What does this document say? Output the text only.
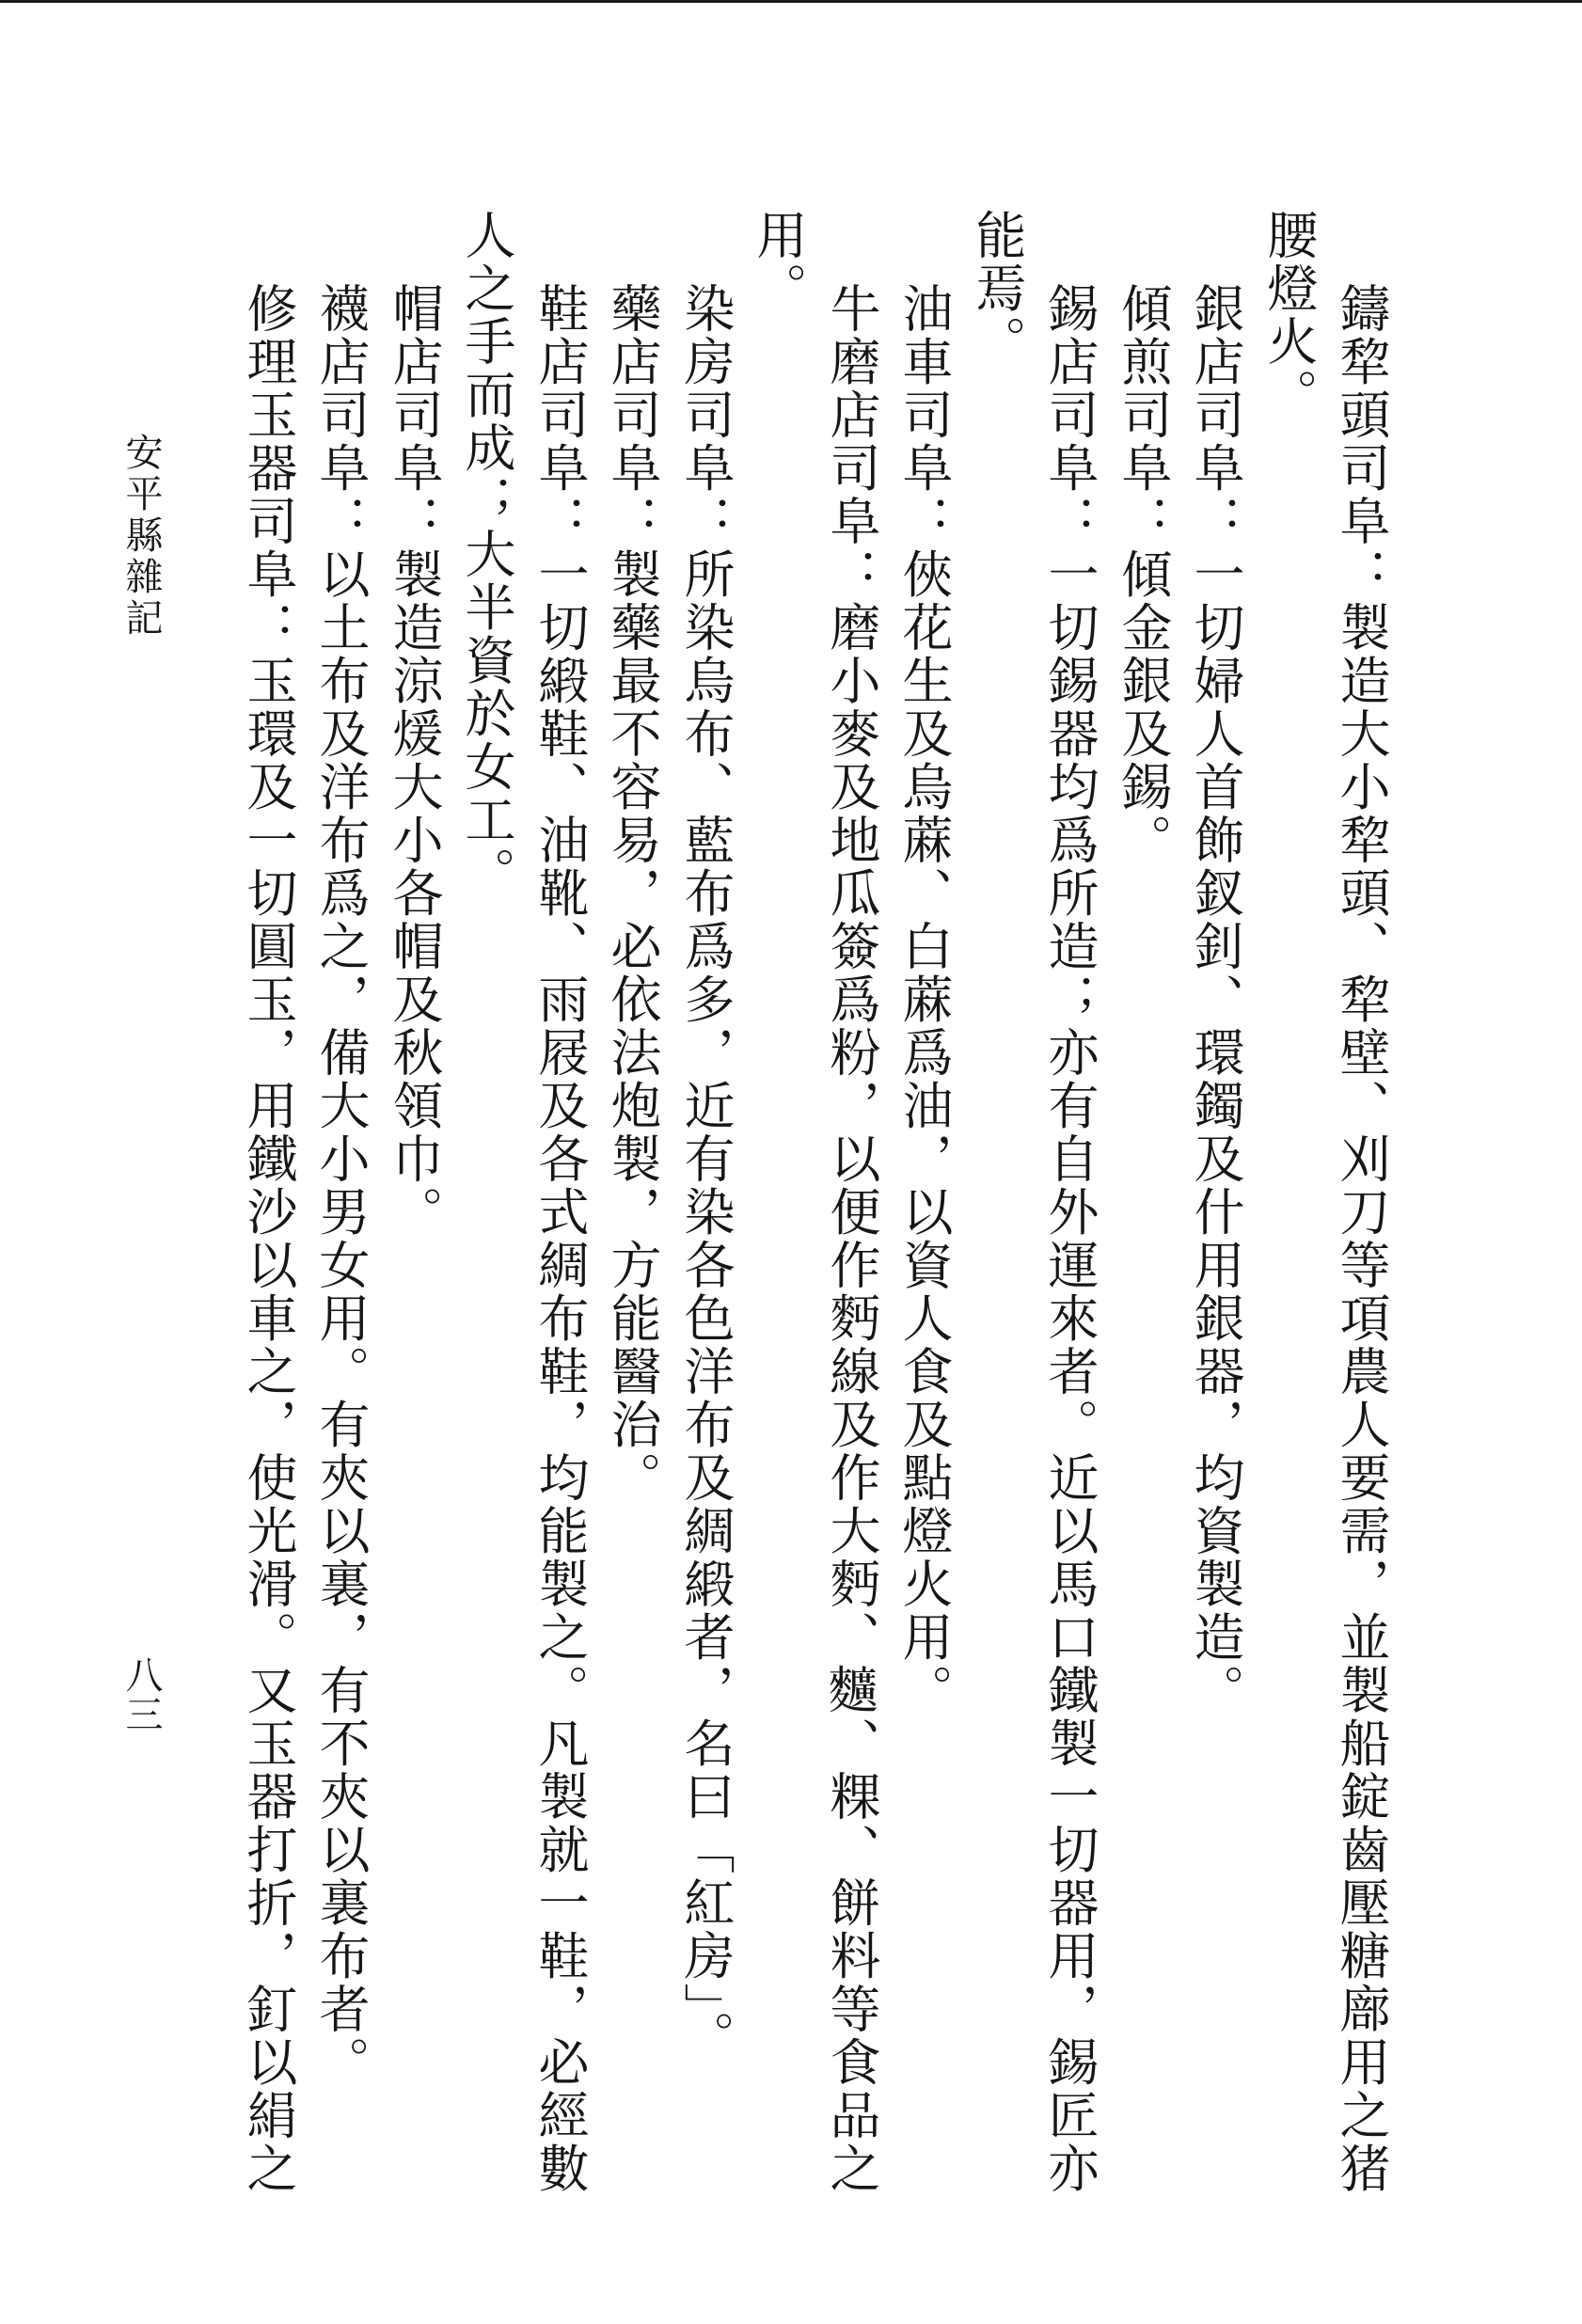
鑄犂頭司阜：製造大小犂頭、犂壁、刈刀等項農人要需，並製船錠齒壓糖廍用之猪
腰燈火。
銀店司阜：一切婦人首飾釵釗、環鐲及什用銀器，均資製造。
傾煎司阜：傾金銀及錫。
錫店司阜：一切錫器均爲所造；亦有自外運來者。近以馬口鐵製一切器用，錫匠亦
能焉。
油車司阜：俠花生及烏蔴、白蔴爲油，以資人食及點燈火用。
牛磨店司阜：磨小麥及地瓜簽爲粉，以便作麪線及作大麪、𪍿、粿、餅料等食品之
用。
染房司阜：所染烏布、藍布爲多，近有染各色洋布及綢緞者，名曰「紅房」。
藥店司阜：製藥最不容易，必依法炮製，方能醫治。
鞋店司阜：一切緞鞋、油靴、雨屐及各式綢布鞋，均能製之。凡製就一鞋，必經數
人之手而成；大半資於女工。
帽店司阜：製造涼煖大小各帽及秋領巾。
襪店司阜：以土布及洋布爲之，備大小男女用。有夾以裏，有不夾以裏布者。
修理玉器司阜：玉環及一切圓玉，用鐵沙以車之，使光滑。又玉器打折，釘以絹之
安平縣雜記
八三
